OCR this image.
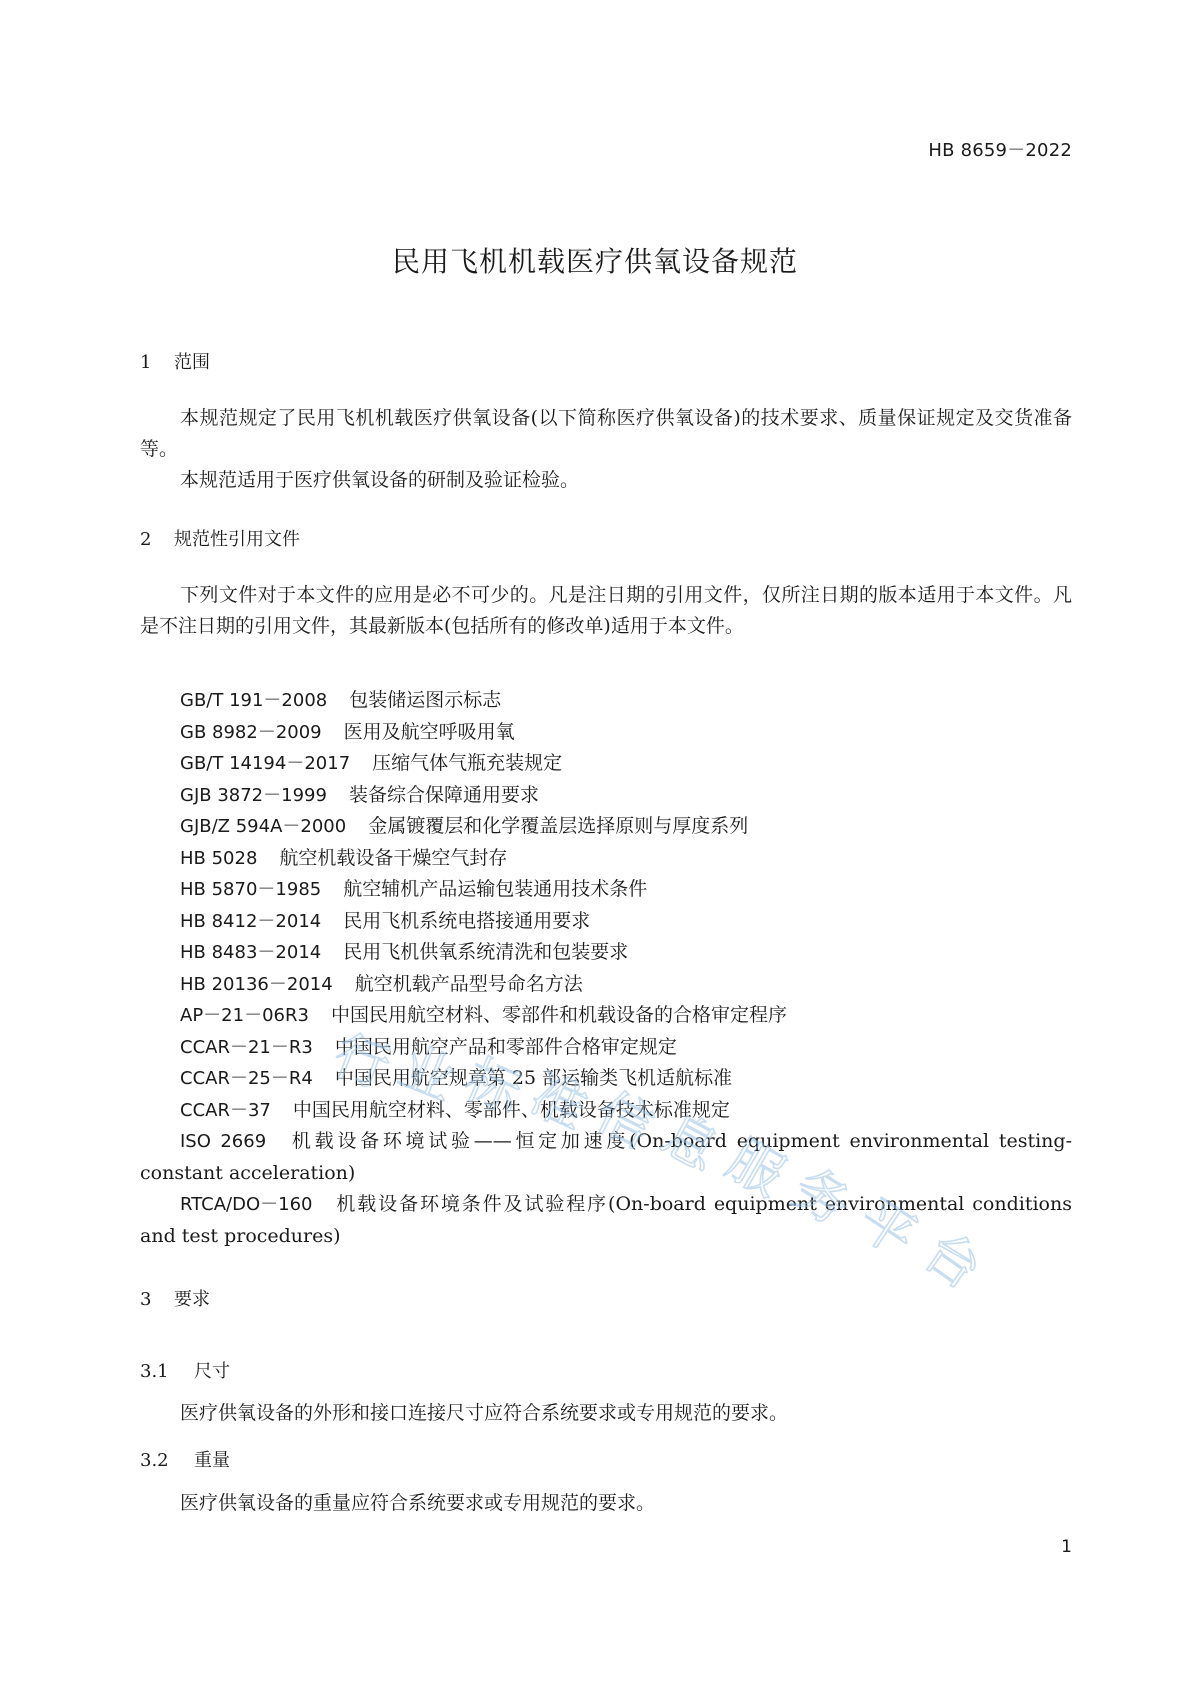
HB 8659－2022
民用飞机机载医疗供氧设备规范
1 范围
本规范规定了民用飞机机载医疗供氧设备(以下简称医疗供氧设备)的技术要求、质量保证规定及交货准备等。
本规范适用于医疗供氧设备的研制及验证检验。
2 规范性引用文件
下列文件对于本文件的应用是必不可少的。凡是注日期的引用文件，仅所注日期的版本适用于本文件。凡是不注日期的引用文件，其最新版本(包括所有的修改单)适用于本文件。
GB/T 191－2008 包装储运图示标志
GB 8982－2009 医用及航空呼吸用氧
GB/T 14194－2017 压缩气体气瓶充装规定
GJB 3872－1999 装备综合保障通用要求
GJB/Z 594A－2000 金属镀覆层和化学覆盖层选择原则与厚度系列
HB 5028 航空机载设备干燥空气封存
HB 5870－1985 航空辅机产品运输包装通用技术条件
HB 8412－2014 民用飞机系统电搭接通用要求
HB 8483－2014 民用飞机供氧系统清洗和包装要求
HB 20136－2014 航空机载产品型号命名方法
AP－21－06R3 中国民用航空材料、零部件和机载设备的合格审定程序
CCAR－21－R3 中国民用航空产品和零部件合格审定规定
CCAR－25－R4 中国民用航空规章第 25 部运输类飞机适航标准
CCAR－37 中国民用航空材料、零部件、机载设备技术标准规定
ISO 2669 机载设备环境试验——恒定加速度(On-board equipment environmental testing-constant acceleration)
RTCA/DO－160 机载设备环境条件及试验程序(On-board equipment environmental conditions and test procedures)
3 要求
3.1 尺寸
医疗供氧设备的外形和接口连接尺寸应符合系统要求或专用规范的要求。
3.2 重量
医疗供氧设备的重量应符合系统要求或专用规范的要求。
1
行
业
标
准
信
息
服
务
平
台
